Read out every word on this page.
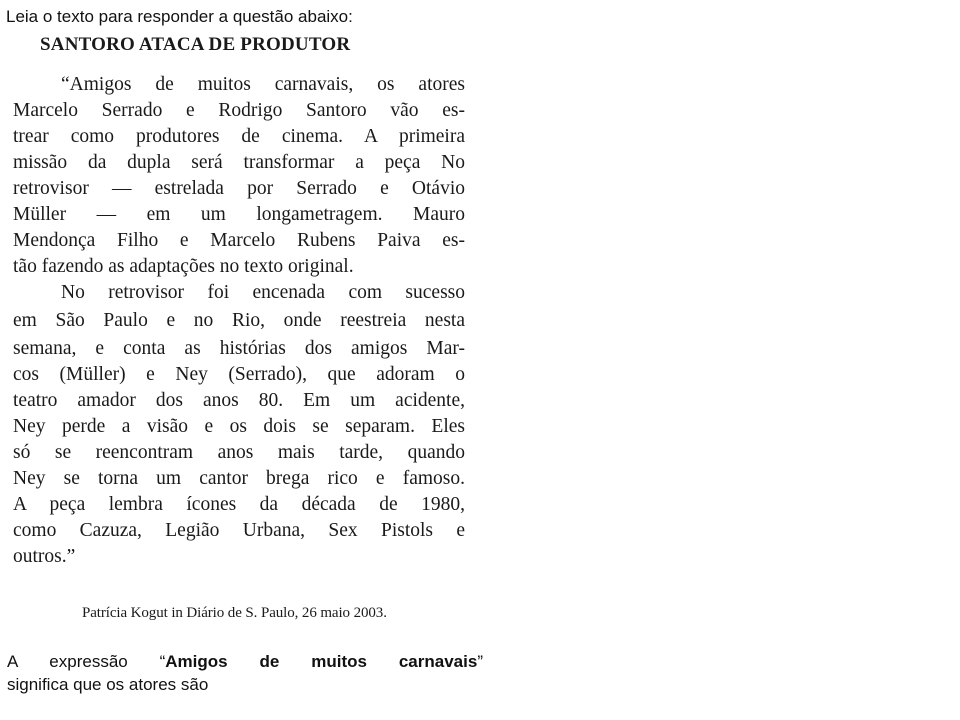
Leia o texto para responder a questão abaixo:
SANTORO ATACA DE PRODUTOR
“Amigos de muitos carnavais, os atores
Marcelo Serrado e Rodrigo Santoro vão es-
trear como produtores de cinema. A primeira
missão da dupla será transformar a peça No
retrovisor — estrelada por Serrado e Otávio
Müller — em um longametragem. Mauro
Mendonça Filho e Marcelo Rubens Paiva es-
tão fazendo as adaptações no texto original.
No retrovisor foi encenada com sucesso
em São Paulo e no Rio, onde reestreia nesta
semana, e conta as histórias dos amigos Mar-
cos (Müller) e Ney (Serrado), que adoram o
teatro amador dos anos 80. Em um acidente,
Ney perde a visão e os dois se separam. Eles
só se reencontram anos mais tarde, quando
Ney se torna um cantor brega rico e famoso.
A peça lembra ícones da década de 1980,
como Cazuza, Legião Urbana, Sex Pistols e
outros.”
Patrícia Kogut in Diário de S. Paulo, 26 maio 2003.
A expressão “Amigos de muitos carnavais”
significa que os atores são
